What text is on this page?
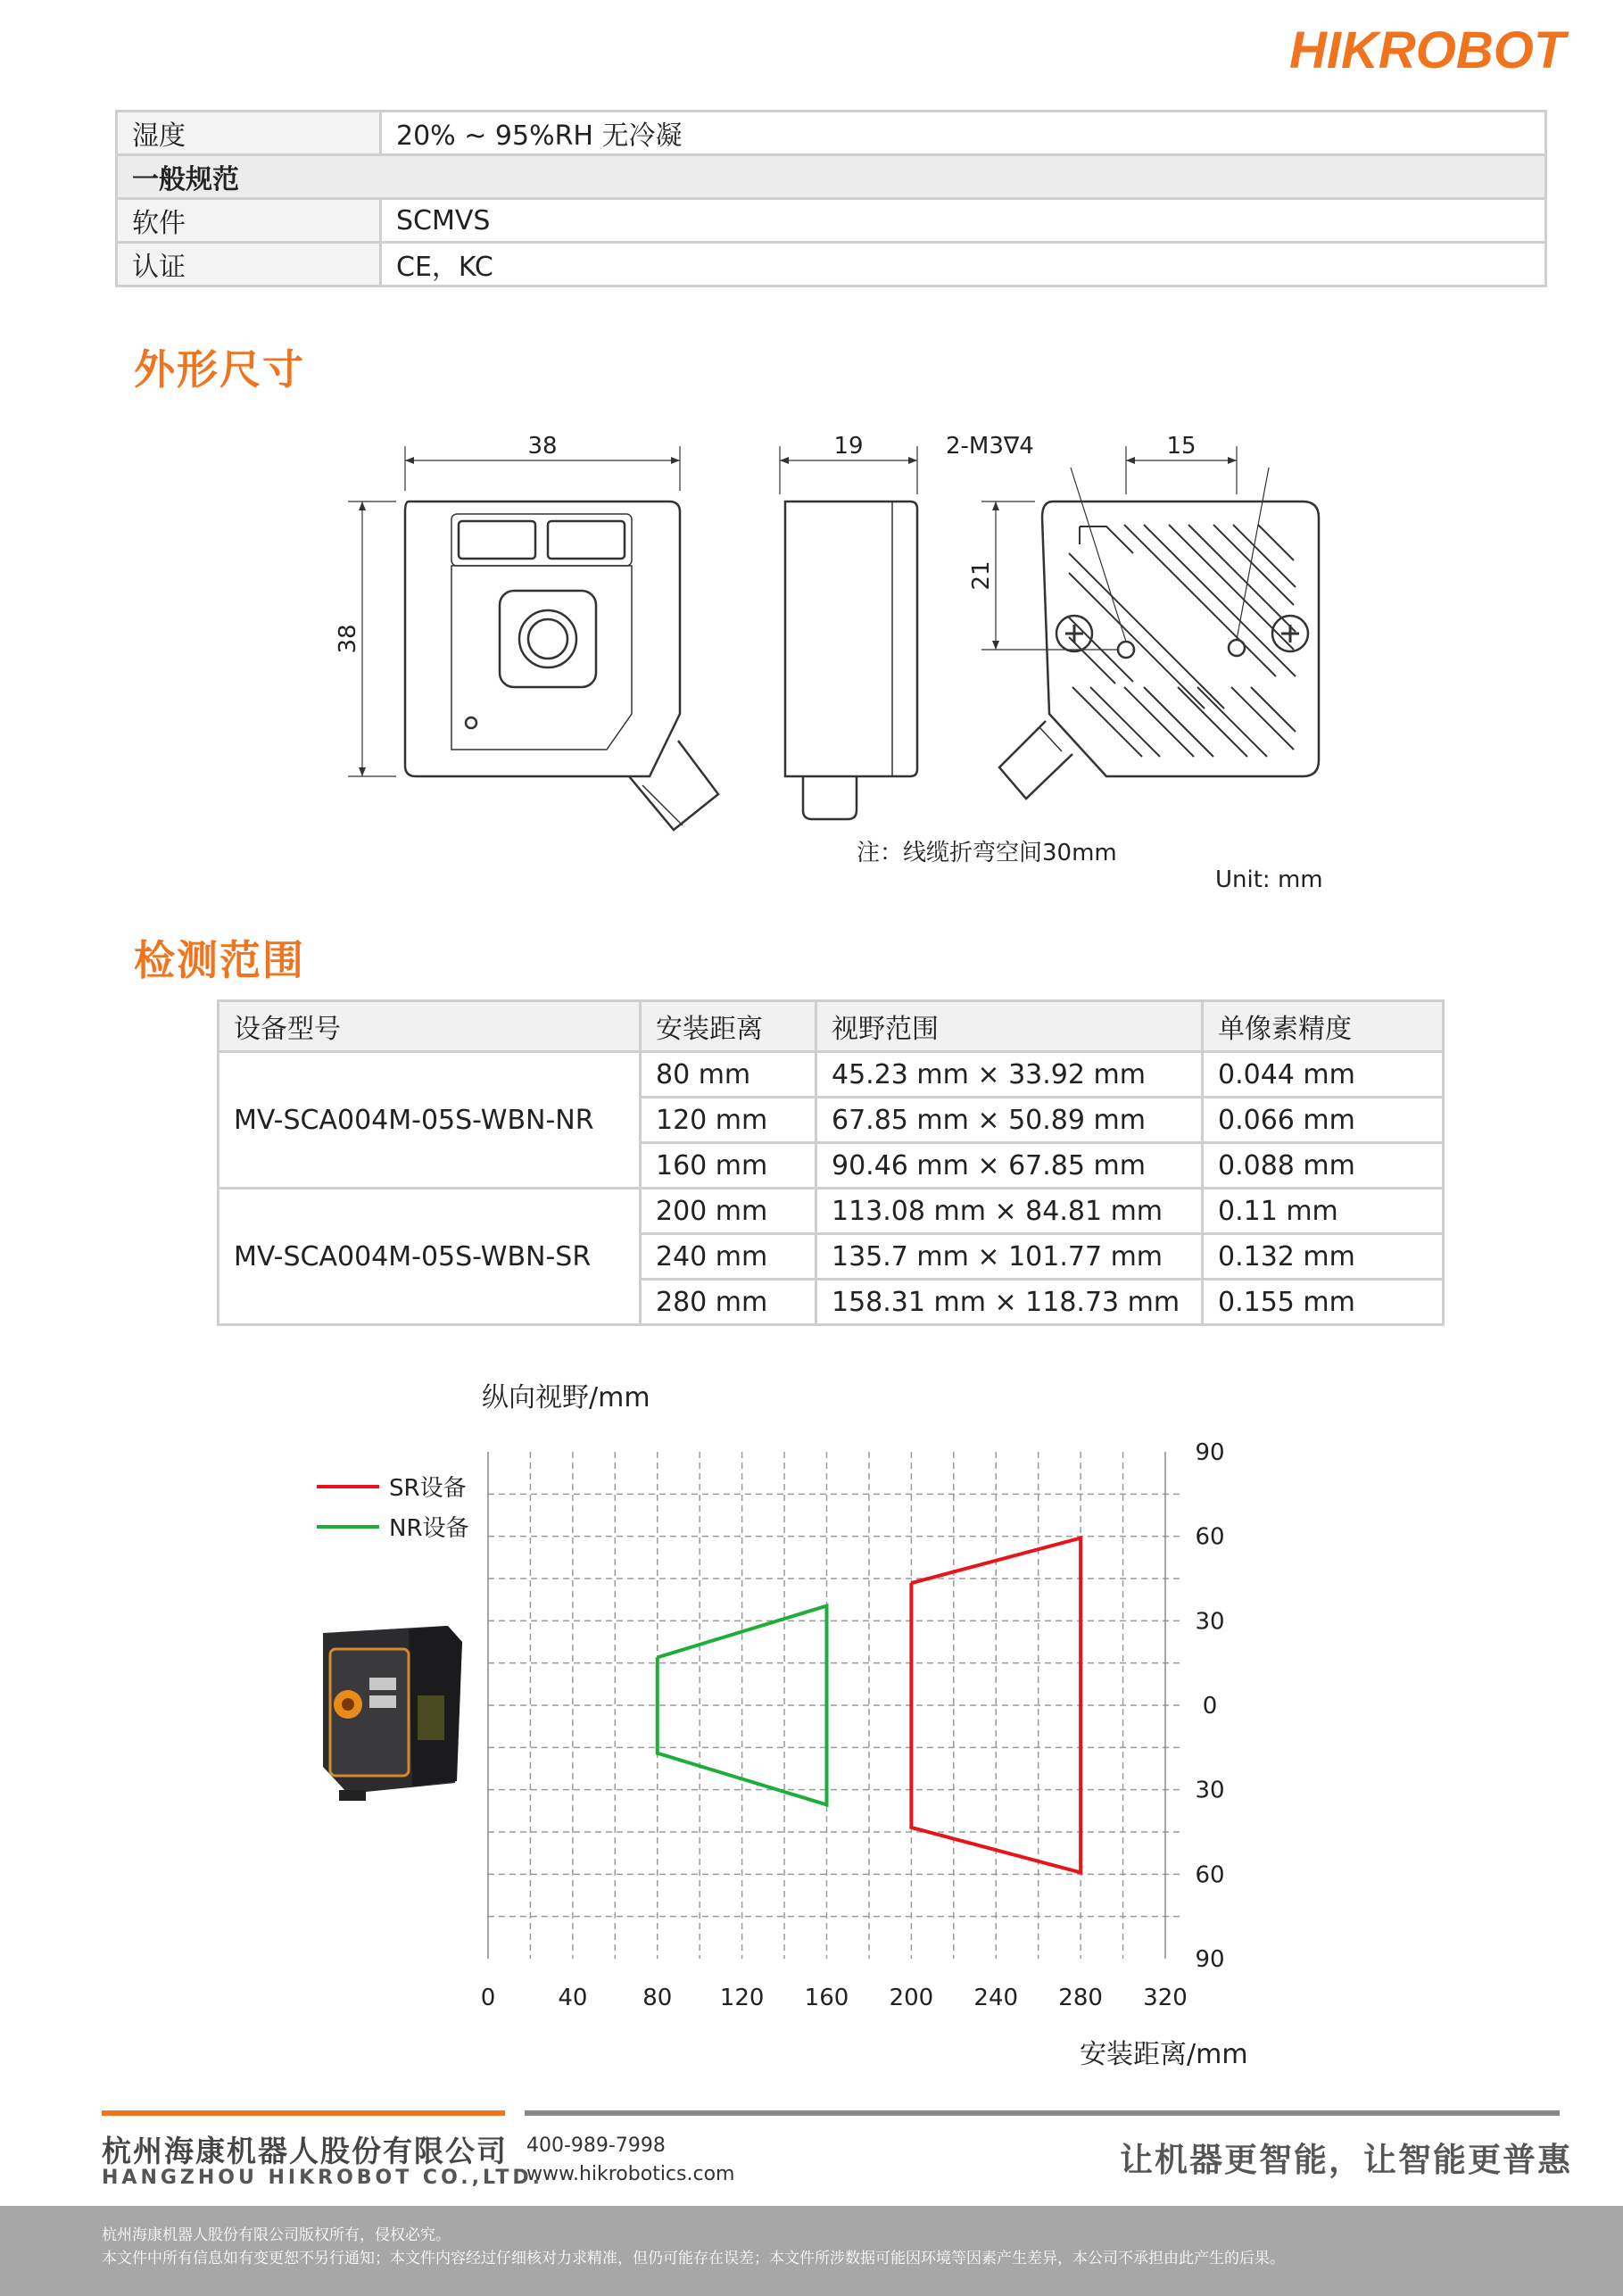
HIKROBOT
湿度	20% ~ 95%RH 无冷凝
一般规范	
软件	SCMVS
认证	CE，KC
外形尺寸
38
38
19	2-M3∇4	15
21
注：线缆折弯空间30mm
Unit: mm
检测范围
设备型号	安装距离	视野范围	单像素精度
MV-SCA004M-05S-WBN-NR	80 mm	45.23 mm × 33.92 mm	0.044 mm
	120 mm	67.85 mm × 50.89 mm	0.066 mm
	160 mm	90.46 mm × 67.85 mm	0.088 mm
MV-SCA004M-05S-WBN-SR	200 mm	113.08 mm × 84.81 mm	0.11 mm
	240 mm	135.7 mm × 101.77 mm	0.132 mm
	280 mm	158.31 mm × 118.73 mm	0.155 mm
0	40 80 120 160 200 240 280 320
90
60
30
0
30
60
90
纵向视野/mm
安装距离/mm
SR设备
NR设备
杭州海康机器人股份有限公司
HANGZHOU HIKROBOT CO.,LTD.
400-989-7998
www.hikrobotics.com	让机器更智能，让智能更普惠
杭州海康机器人股份有限公司版权所有，侵权必究。
本文件中所有信息如有变更恕不另行通知；本文件内容经过仔细核对力求精准，但仍可能存在误差；本文件所涉数据可能因环境等因素产生差异，本公司不承担由此产生的后果。
